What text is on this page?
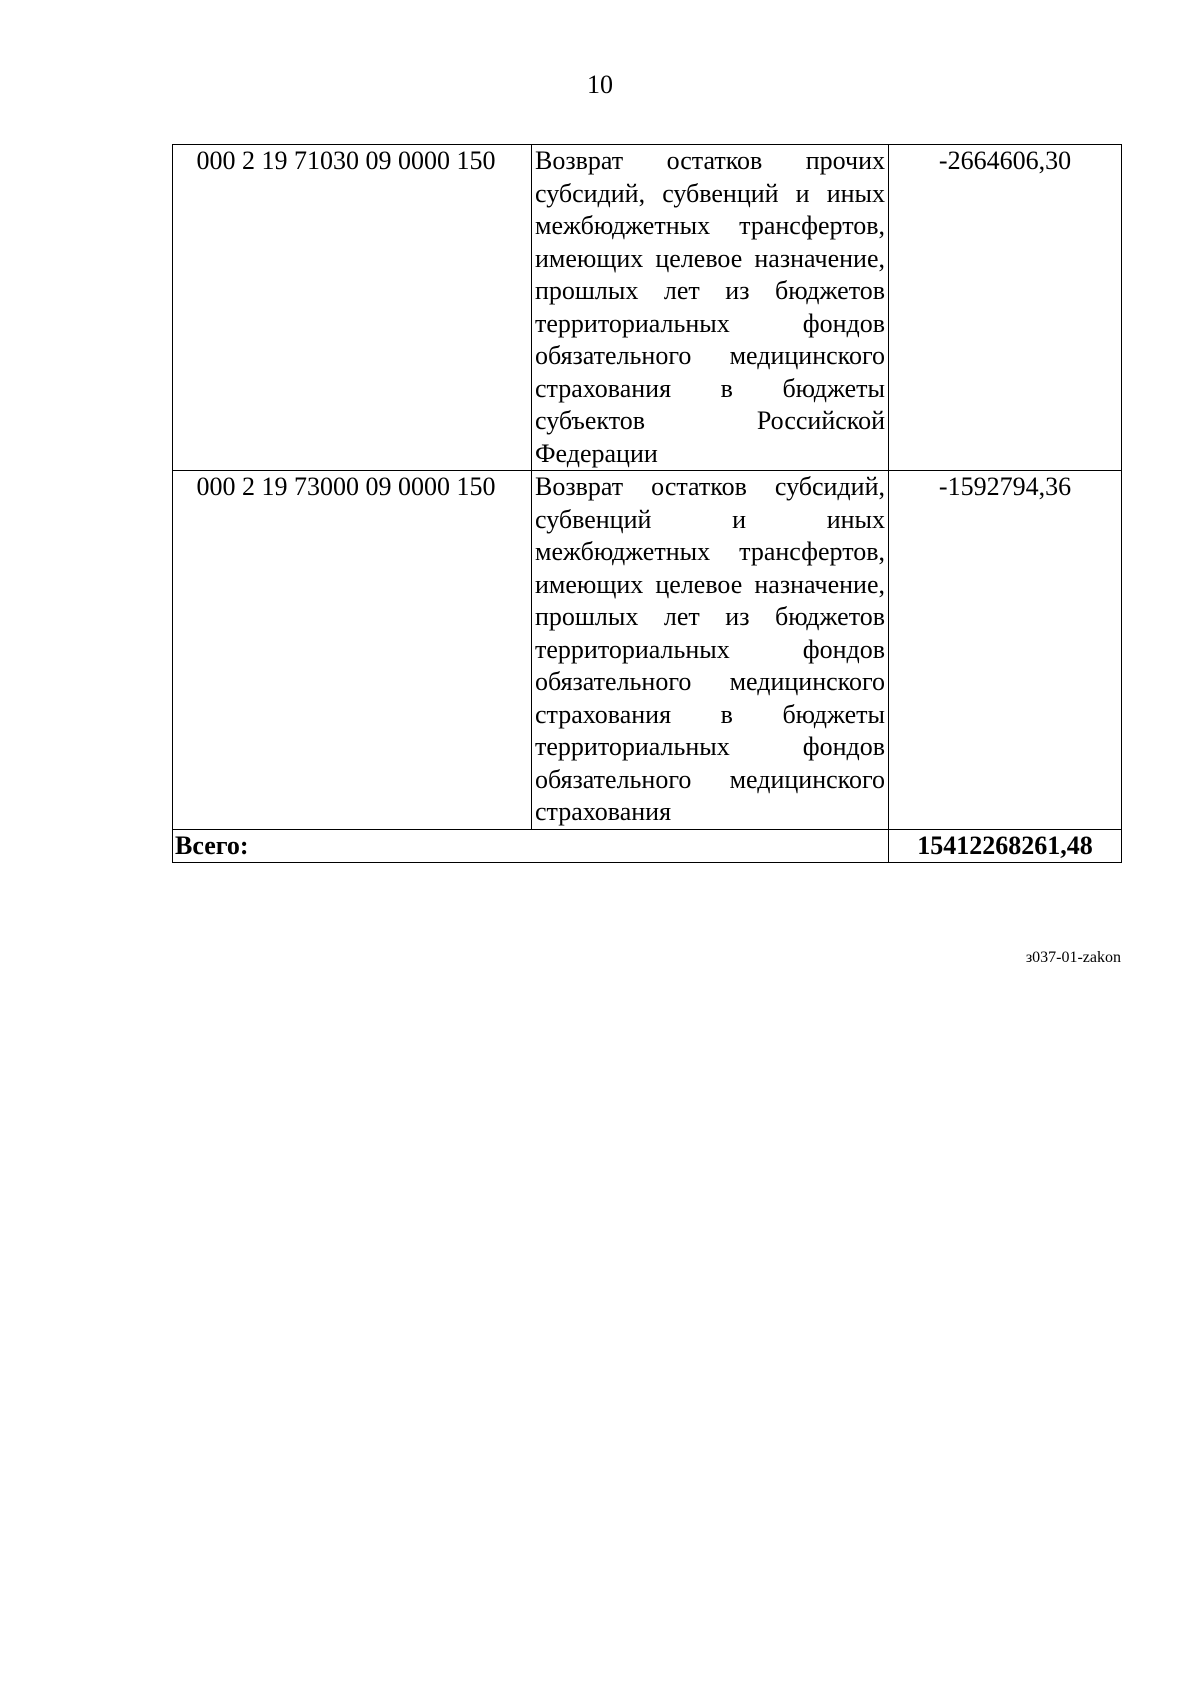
10
000 2 19 71030 09 0000 150	Возврат остатков прочих субсидий, субвенций и иных межбюджетных трансфертов, имеющих целевое назначение, прошлых лет из бюджетов территориальных фондов обязательного медицинского страхования в бюджеты субъектов Российской Федерации	-2664606,30
000 2 19 73000 09 0000 150	Возврат остатков субсидий, субвенций и иных межбюджетных трансфертов, имеющих целевое назначение, прошлых лет из бюджетов территориальных фондов обязательного медицинского страхования в бюджеты территориальных фондов обязательного медицинского страхования	-1592794,36
Всего:		15412268261,48
з037-01-zakon
